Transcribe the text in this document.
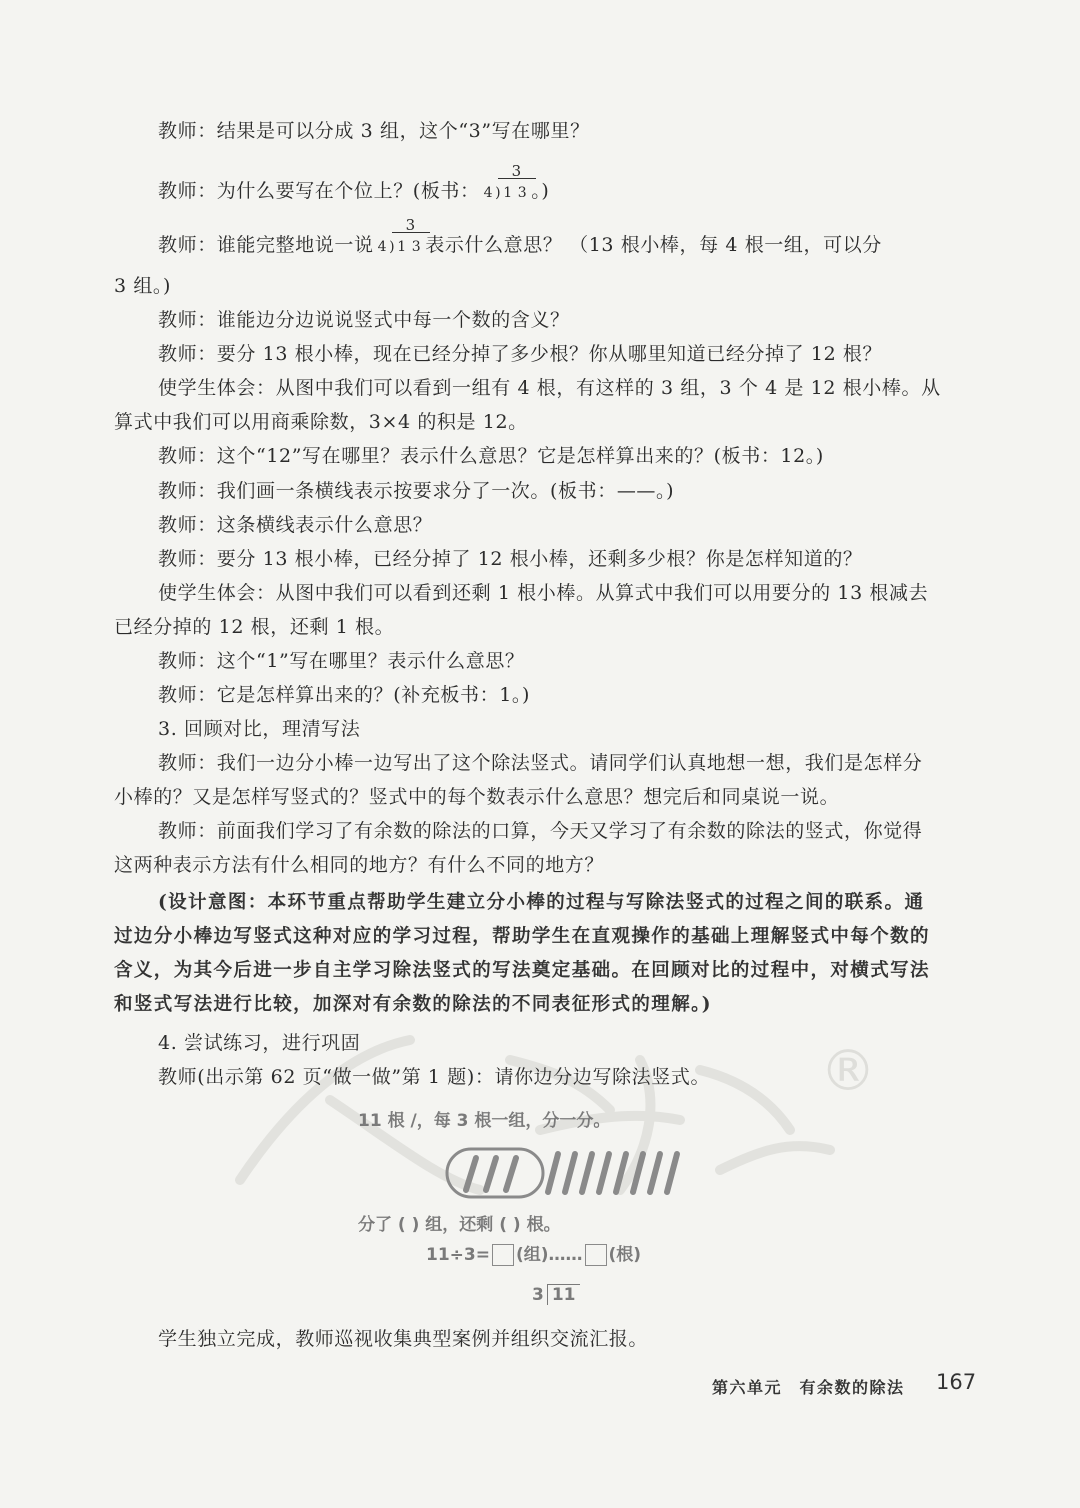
®
教师：结果是可以分成 3 组，这个“3”写在哪里？
教师：为什么要写在个位上？(板书：
3
4 ) 1 3 。)
教师：谁能完整地说一说
3
4 ) 1 3 表示什么意思？ （13 根小棒，每 4 根一组，可以分
3 组。)
教师：谁能边分边说说竖式中每一个数的含义？
教师：要分 13 根小棒，现在已经分掉了多少根？你从哪里知道已经分掉了 12 根？
使学生体会：从图中我们可以看到一组有 4 根，有这样的 3 组，3 个 4 是 12 根小棒。从
算式中我们可以用商乘除数，3×4 的积是 12。
教师：这个“12”写在哪里？表示什么意思？它是怎样算出来的？(板书：12。)
教师：我们画一条横线表示按要求分了一次。(板书：——。)
教师：这条横线表示什么意思？
教师：要分 13 根小棒，已经分掉了 12 根小棒，还剩多少根？你是怎样知道的？
使学生体会：从图中我们可以看到还剩 1 根小棒。从算式中我们可以用要分的 13 根减去
已经分掉的 12 根，还剩 1 根。
教师：这个“1”写在哪里？表示什么意思？
教师：它是怎样算出来的？(补充板书：1。)
3. 回顾对比，理清写法
教师：我们一边分小棒一边写出了这个除法竖式。请同学们认真地想一想，我们是怎样分
小棒的？又是怎样写竖式的？竖式中的每个数表示什么意思？想完后和同桌说一说。
教师：前面我们学习了有余数的除法的口算，今天又学习了有余数的除法的竖式，你觉得
这两种表示方法有什么相同的地方？有什么不同的地方？
(设计意图：本环节重点帮助学生建立分小棒的过程与写除法竖式的过程之间的联系。通
过边分小棒边写竖式这种对应的学习过程，帮助学生在直观操作的基础上理解竖式中每个数的
含义，为其今后进一步自主学习除法竖式的写法奠定基础。在回顾对比的过程中，对横式写法
和竖式写法进行比较，加深对有余数的除法的不同表征形式的理解。)
4. 尝试练习，进行巩固
教师(出示第 62 页“做一做”第 1 题)：请你边分边写除法竖式。
11 根 /，每 3 根一组，分一分。
分了 ( ) 组，还剩 ( ) 根。
11÷3= (组)…… (根)
3 11
学生独立完成，教师巡视收集典型案例并组织交流汇报。
第六单元　有余数的除法 167
